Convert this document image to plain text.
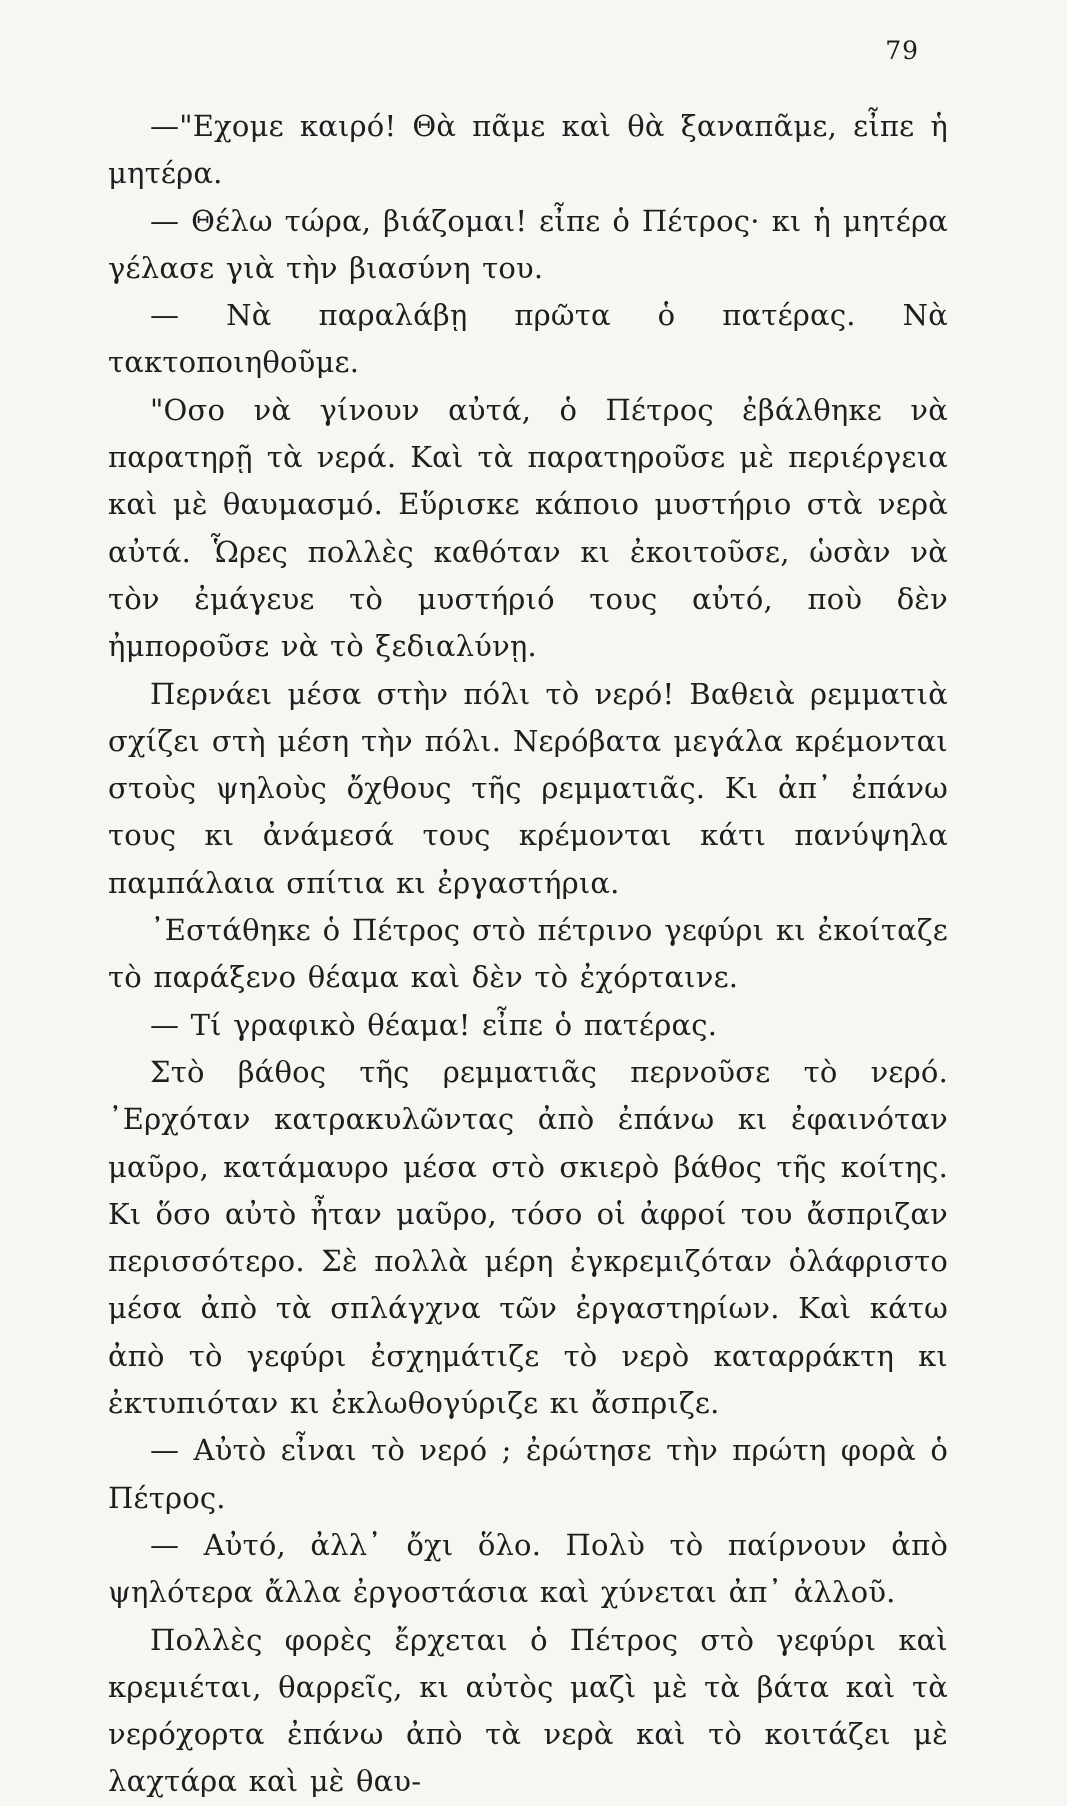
79

—"Εχομε καιρό! Θὰ πᾶμε καὶ θὰ ξαναπᾶμε, εἶπε ἡ μητέρα.

— Θέλω τώρα, βιάζομαι! εἶπε ὁ Πέτρος· κι ἡ μητέρα γέλασε γιὰ τὴν βιασύνη του.

— Νὰ παραλάβῃ πρῶτα ὁ πατέρας. Νὰ τακτοποιηθοῦμε.

"Οσο νὰ γίνουν αὐτά, ὁ Πέτρος ἐβάλθηκε νὰ παρατηρῇ τὰ νερά. Καὶ τὰ παρατηροῦσε μὲ περιέργεια καὶ μὲ θαυμασμό. Εὕρισκε κάποιο μυστήριο στὰ νερὰ αὐτά. Ὧρες πολλὲς καθόταν κι ἐκοιτοῦσε, ὡσὰν νὰ τὸν ἐμάγευε τὸ μυστήριό τους αὐτό, ποὺ δὲν ἠμποροῦσε νὰ τὸ ξεδιαλύνῃ.

Περνάει μέσα στὴν πόλι τὸ νερό! Βαθειὰ ρεμματιὰ σχίζει στὴ μέση τὴν πόλι. Νερόβατα μεγάλα κρέμονται στοὺς ψηλοὺς ὄχθους τῆς ρεμματιᾶς. Κι ἀπ᾽ ἐπάνω τους κι ἀνάμεσά τους κρέμονται κάτι πανύψηλα παμπάλαια σπίτια κι ἐργαστήρια.

᾽Εστάθηκε ὁ Πέτρος στὸ πέτρινο γεφύρι κι ἐκοίταζε τὸ παράξενο θέαμα καὶ δὲν τὸ ἐχόρταινε.

— Τί γραφικὸ θέαμα! εἶπε ὁ πατέρας.

Στὸ βάθος τῆς ρεμματιᾶς περνοῦσε τὸ νερό. ᾽Ερχόταν κατρακυλῶντας ἀπὸ ἐπάνω κι ἐφαινόταν μαῦρο, κατάμαυρο μέσα στὸ σκιερὸ βάθος τῆς κοίτης. Κι ὅσο αὐτὸ ἦταν μαῦρο, τόσο οἱ ἀφροί του ἄσπριζαν περισσότερο. Σὲ πολλὰ μέρη ἐγκρεμιζόταν ὁλάφριστο μέσα ἀπὸ τὰ σπλάγχνα τῶν ἐργαστηρίων. Καὶ κάτω ἀπὸ τὸ γεφύρι ἐσχημάτιζε τὸ νερὸ καταρράκτη κι ἐκτυπιόταν κι ἐκλωθογύριζε κι ἄσπριζε.

— Αὐτὸ εἶναι τὸ νερό ; ἐρώτησε τὴν πρώτη φορὰ ὁ Πέτρος.

— Αὐτό, ἀλλ᾽ ὄχι ὅλο. Πολὺ τὸ παίρνουν ἀπὸ ψηλότερα ἄλλα ἐργοστάσια καὶ χύνεται ἀπ᾽ ἀλλοῦ.

Πολλὲς φορὲς ἔρχεται ὁ Πέτρος στὸ γεφύρι καὶ κρεμιέται, θαρρεῖς, κι αὐτὸς μαζὶ μὲ τὰ βάτα καὶ τὰ νερόχορτα ἐπάνω ἀπὸ τὰ νερὰ καὶ τὸ κοιτάζει μὲ λαχτάρα καὶ μὲ θαυ-
